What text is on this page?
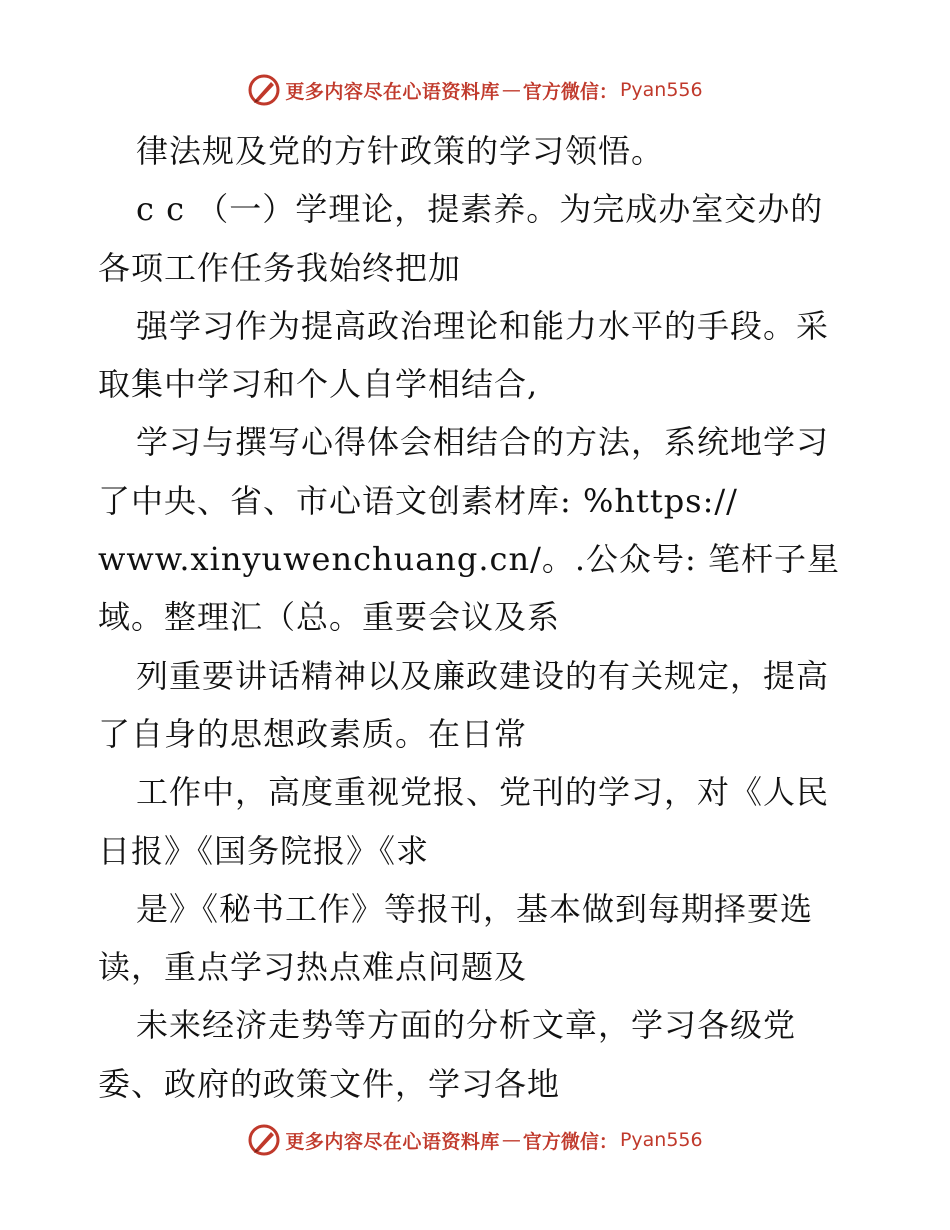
更多内容尽在心语资料库 — 官方微信： Pyan556
律法规及党的方针政策的学习领悟。
c c （一）学理论，提素养。为完成办室交办的
各项工作任务我始终把加
强学习作为提高政治理论和能力水平的手段。采
取集中学习和个人自学相结合,
学习与撰写心得体会相结合的方法，系统地学习
了中央、省、市心语文创素材库: %https://
www.xinyuwenchuang.cn/。.公众号: 笔杆子星
域。整理汇（总。重要会议及系
列重要讲话精神以及廉政建设的有关规定，提高
了自身的思想政素质。在日常
工作中，高度重视党报、党刊的学习，对《人民
日报》《国务院报》《求
是》《秘书工作》等报刊，基本做到每期择要选
读，重点学习热点难点问题及
未来经济走势等方面的分析文章，学习各级党
委、政府的政策文件，学习各地
更多内容尽在心语资料库 — 官方微信： Pyan556
